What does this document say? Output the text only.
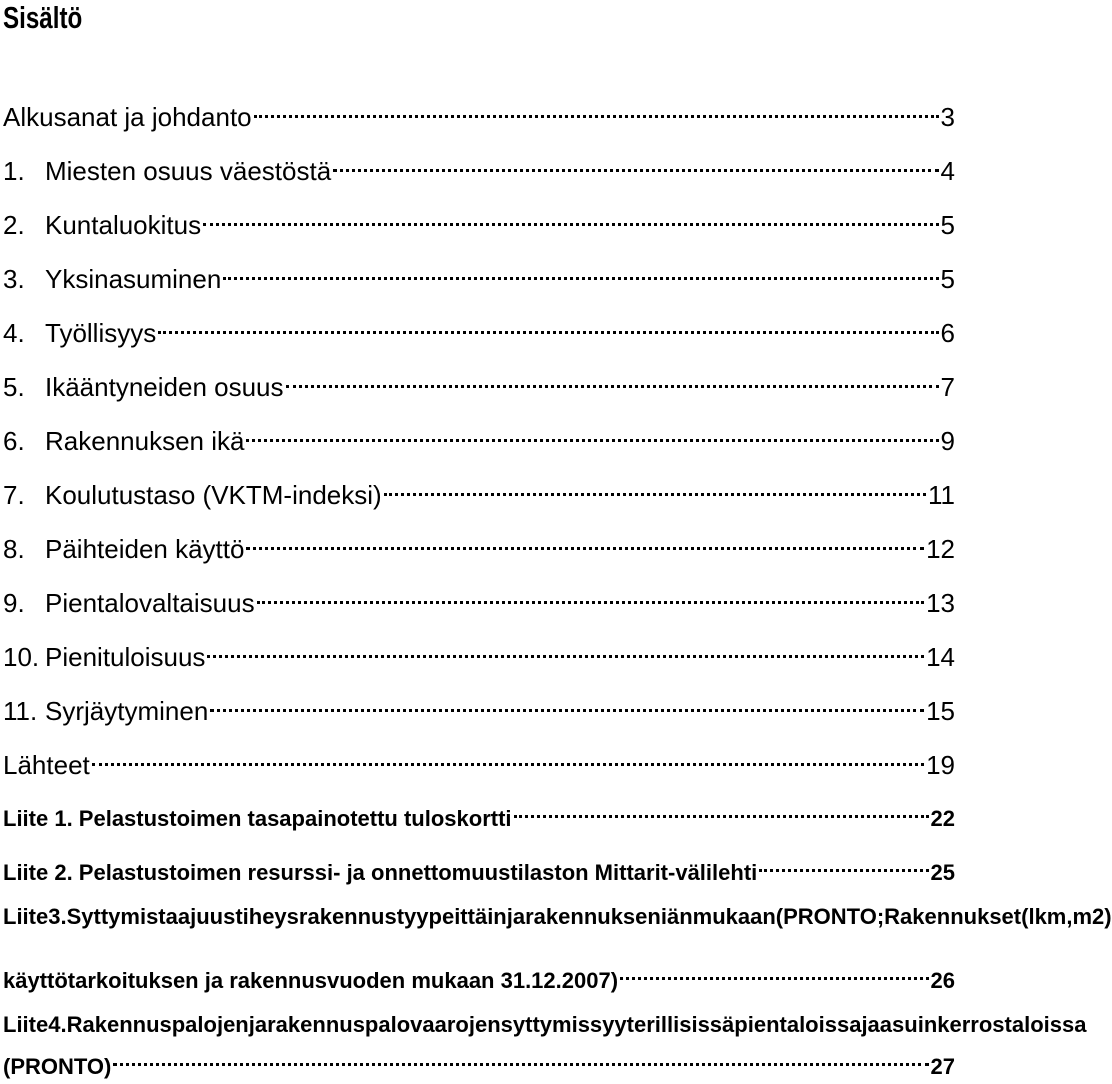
Sisältö
Alkusanat ja johdanto	3
1. Miesten osuus väestöstä	4
2. Kuntaluokitus	5
3. Yksinasuminen	5
4. Työllisyys	6
5. Ikääntyneiden osuus	7
6. Rakennuksen ikä	9
7. Koulutustaso (VKTM-indeksi)	11
8. Päihteiden käyttö	12
9. Pientalovaltaisuus	13
10. Pienituloisuus	14
11. Syrjäytyminen	15
Lähteet	19
Liite 1. Pelastustoimen tasapainotettu tuloskortti	22
Liite 2. Pelastustoimen resurssi- ja onnettomuustilaston Mittarit-välilehti	25
Liite 3. Syttymistaajuustiheys rakennustyypeittäin ja rakennuksen iän mukaan (PRONTO; Rakennukset (lkm, m2)
käyttötarkoituksen ja rakennusvuoden mukaan 31.12.2007)	26
Liite 4. Rakennuspalojen ja rakennuspalovaarojen syttymissyyt erillisissä pientaloissa ja asuinkerrostaloissa
(PRONTO)	27
